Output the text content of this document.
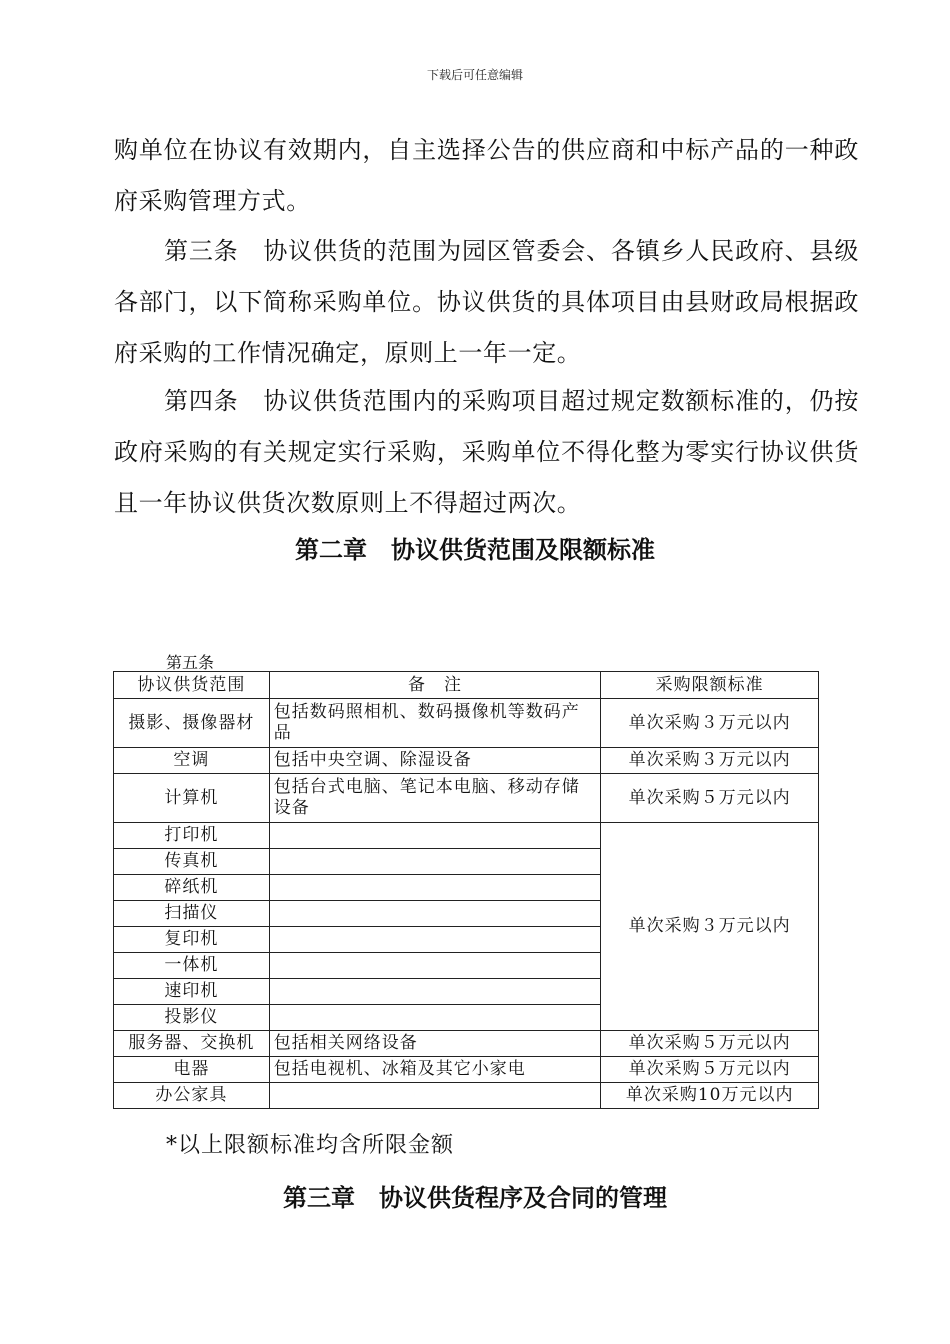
下载后可任意编辑
购单位在协议有效期内，自主选择公告的供应商和中标产品的一种政府采购管理方式。
第三条　协议供货的范围为园区管委会、各镇乡人民政府、县级各部门，以下简称采购单位。协议供货的具体项目由县财政局根据政府采购的工作情况确定，原则上一年一定。
第四条　协议供货范围内的采购项目超过规定数额标准的，仍按政府采购的有关规定实行采购，采购单位不得化整为零实行协议供货且一年协议供货次数原则上不得超过两次。
第二章　协议供货范围及限额标准
第五条
协议供货范围	备　注	采购限额标准
摄影、摄像器材	包括数码照相机、数码摄像机等数码产品	单次采购３万元以内
空调	包括中央空调、除湿设备	单次采购３万元以内
计算机	包括台式电脑、笔记本电脑、移动存储设备	单次采购５万元以内
打印机		单次采购３万元以内
传真机		
碎纸机		
扫描仪		
复印机		
一体机		
速印机		
投影仪		
服务器、交换机	包括相关网络设备	单次采购５万元以内
电器	包括电视机、冰箱及其它小家电	单次采购５万元以内
办公家具		单次采购10万元以内
*以上限额标准均含所限金额
第三章　协议供货程序及合同的管理
